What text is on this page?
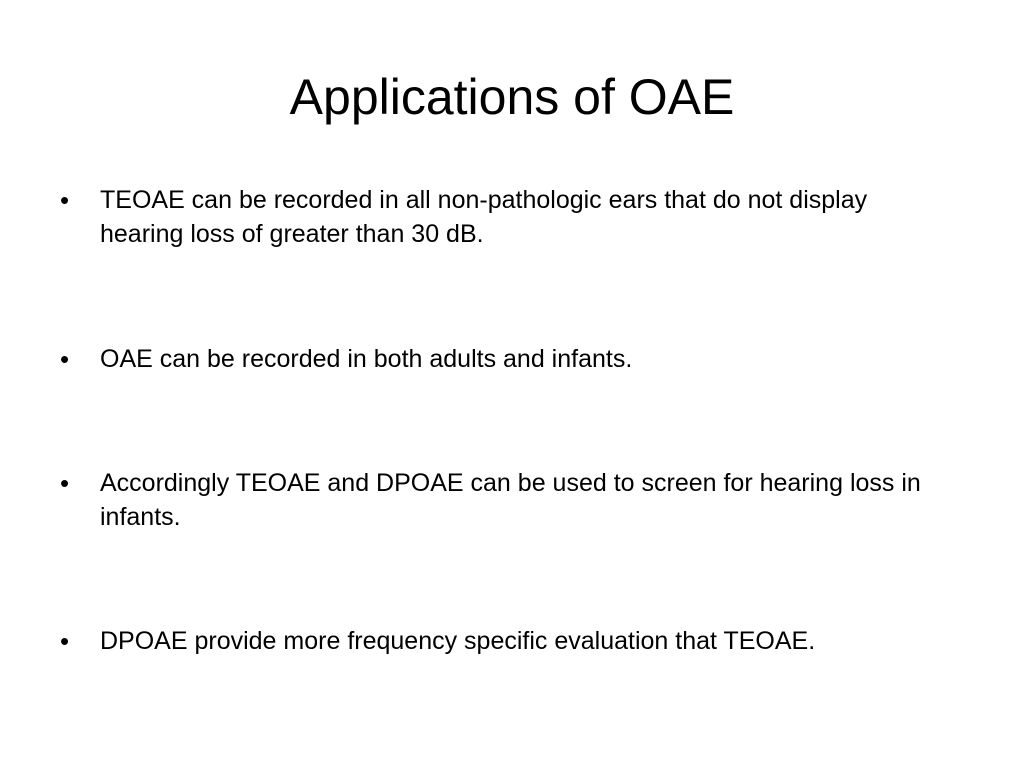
Applications of OAE
•	TEOAE can be recorded in all non-pathologic ears that do not display hearing loss of greater than 30 dB.
•	OAE can be recorded in both adults and infants.
•	Accordingly TEOAE and DPOAE can be used to screen for hearing loss in infants.
•	DPOAE provide more frequency specific evaluation that TEOAE.
